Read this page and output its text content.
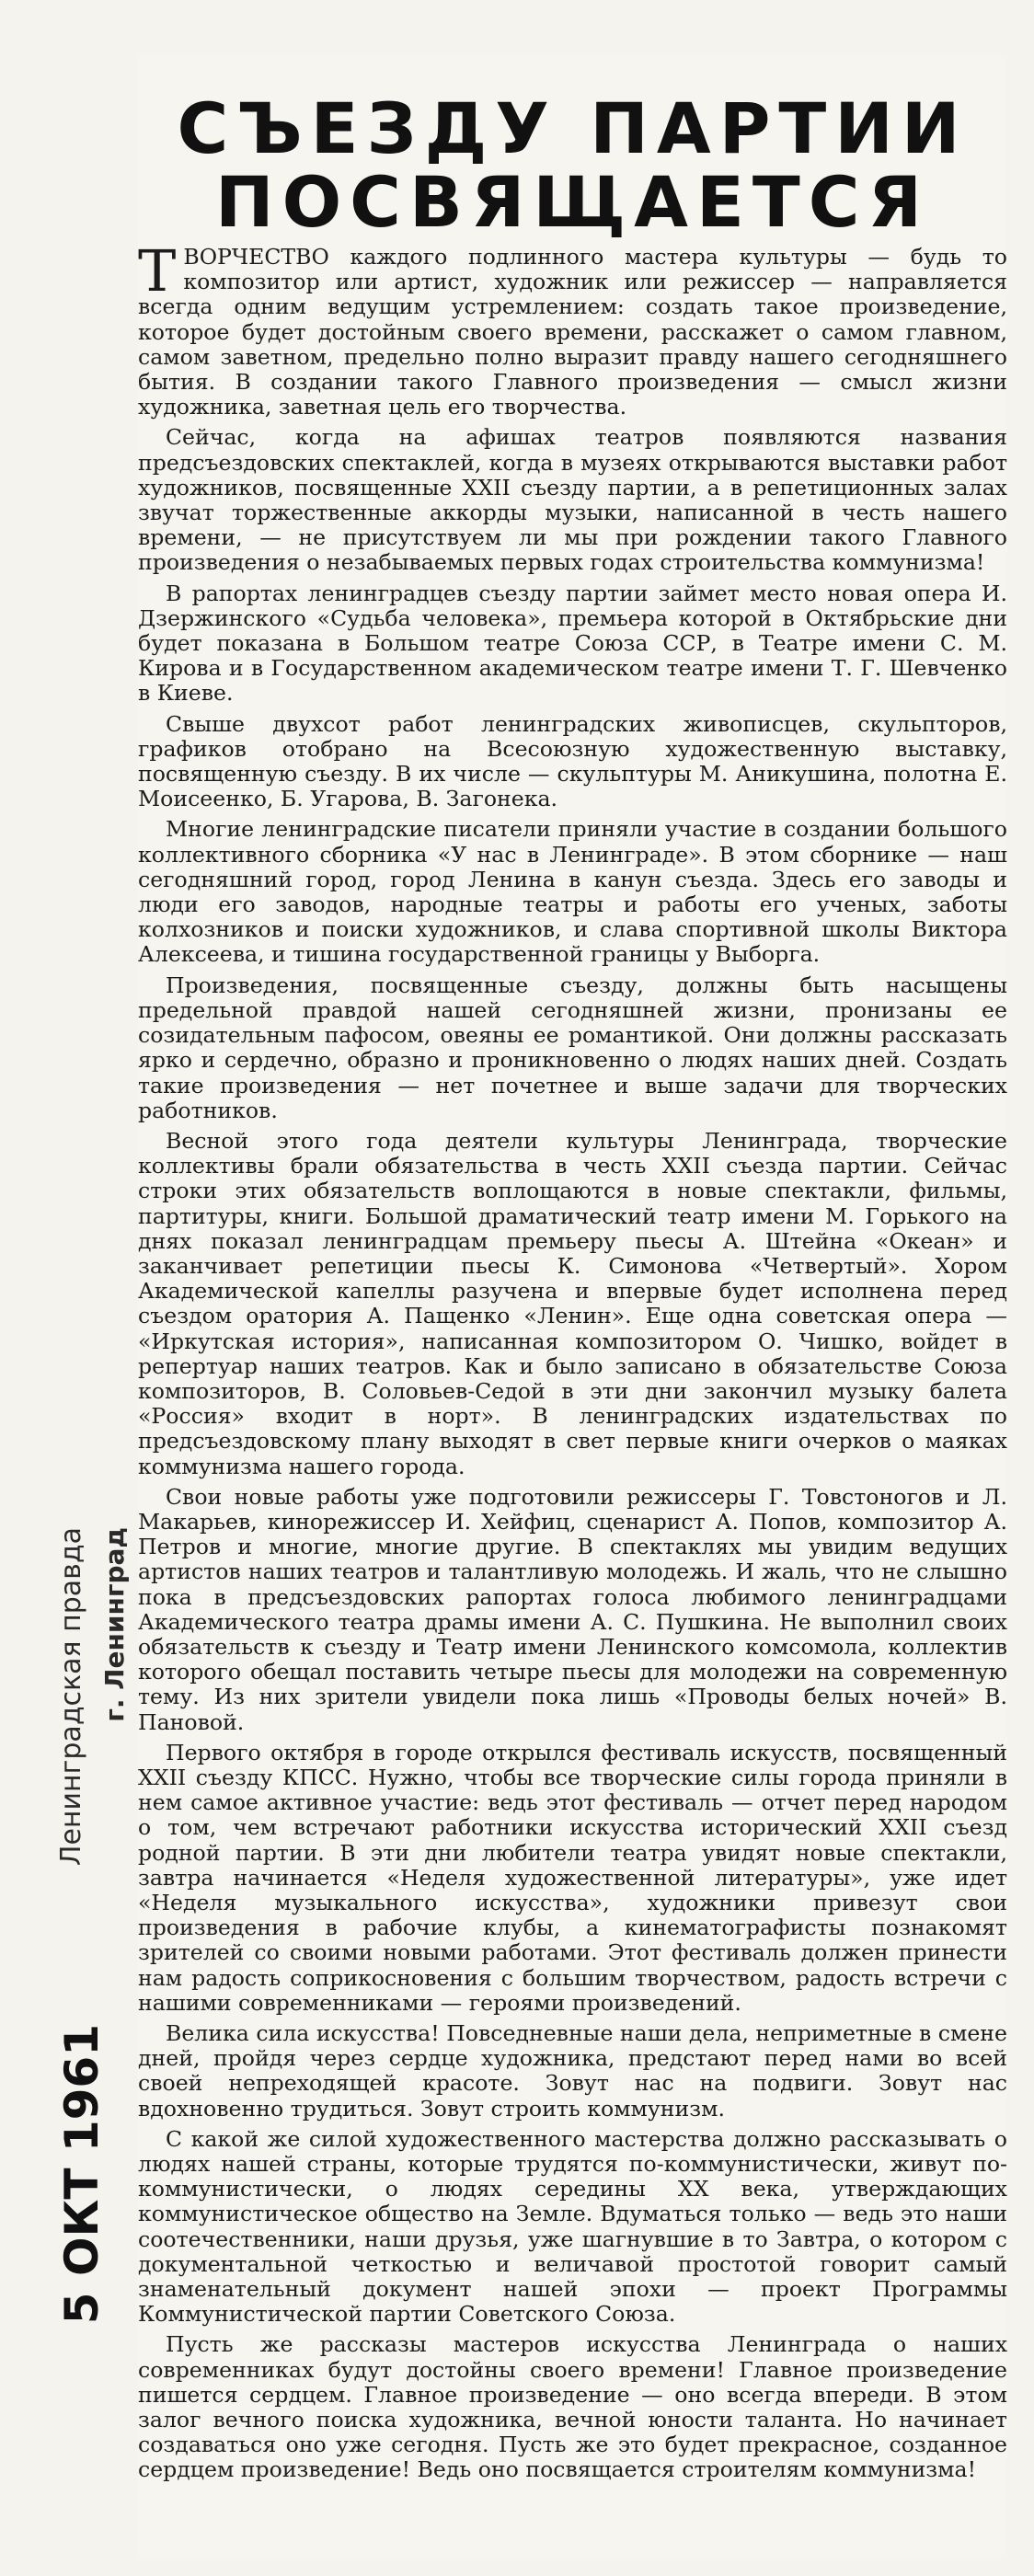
Ленинградская правда г. Ленинград
5 ОКТ 1961
СЪЕЗДУ ПАРТИИ
ПОСВЯЩАЕТСЯ

ТВОРЧЕСТВО каждого подлинного мастера культуры — будь то композитор или артист, художник или режиссер — направляется всегда одним ведущим устремлением: создать такое произведение, которое будет достойным своего времени, расскажет о самом главном, самом заветном, предельно полно выразит правду нашего сегодняшнего бытия. В создании такого Главного произведения — смысл жизни художника, заветная цель его творчества.

Сейчас, когда на афишах театров появляются названия предсъездовских спектаклей, когда в музеях открываются выставки работ художников, посвященные XXII съезду партии, а в репетиционных залах звучат торжественные аккорды музыки, написанной в честь нашего времени, — не присутствуем ли мы при рождении такого Главного произведения о незабываемых первых годах строительства коммунизма!

В рапортах ленинградцев съезду партии займет место новая опера И. Дзержинского «Судьба человека», премьера которой в Октябрьские дни будет показана в Большом театре Союза ССР, в Театре имени С. М. Кирова и в Государственном академическом театре имени Т. Г. Шевченко в Киеве.

Свыше двухсот работ ленинградских живописцев, скульпторов, графиков отобрано на Всесоюзную художественную выставку, посвященную съезду. В их числе — скульптуры М. Аникушина, полотна Е. Моисеенко, Б. Угарова, В. Загонека.

Многие ленинградские писатели приняли участие в создании большого коллективного сборника «У нас в Ленинграде». В этом сборнике — наш сегодняшний город, город Ленина в канун съезда. Здесь его заводы и люди его заводов, народные театры и работы его ученых, заботы колхозников и поиски художников, и слава спортивной школы Виктора Алексеева, и тишина государственной границы у Выборга.

Произведения, посвященные съезду, должны быть насыщены предельной правдой нашей сегодняшней жизни, пронизаны ее созидательным пафосом, овеяны ее романтикой. Они должны рассказать ярко и сердечно, образно и проникновенно о людях наших дней. Создать такие произведения — нет почетнее и выше задачи для творческих работников.

Весной этого года деятели культуры Ленинграда, творческие коллективы брали обязательства в честь XXII съезда партии. Сейчас строки этих обязательств воплощаются в новые спектакли, фильмы, партитуры, книги. Большой драматический театр имени М. Горького на днях показал ленинградцам премьеру пьесы А. Штейна «Океан» и заканчивает репетиции пьесы К. Симонова «Четвертый». Хором Академической капеллы разучена и впервые будет исполнена перед съездом оратория А. Пащенко «Ленин». Еще одна советская опера — «Иркутская история», написанная композитором О. Чишко, войдет в репертуар наших театров. Как и было записано в обязательстве Союза композиторов, В. Соловьев-Седой в эти дни закончил музыку балета «Россия» входит в норт». В ленинградских издательствах по предсъездовскому плану выходят в свет первые книги очерков о маяках коммунизма нашего города.

Свои новые работы уже подготовили режиссеры Г. Товстоногов и Л. Макарьев, кинорежиссер И. Хейфиц, сценарист А. Попов, композитор А. Петров и многие, многие другие. В спектаклях мы увидим ведущих артистов наших театров и талантливую молодежь. И жаль, что не слышно пока в предсъездовских рапортах голоса любимого ленинградцами Академического театра драмы имени А. С. Пушкина. Не выполнил своих обязательств к съезду и Театр имени Ленинского комсомола, коллектив которого обещал поставить четыре пьесы для молодежи на современную тему. Из них зрители увидели пока лишь «Проводы белых ночей» В. Пановой.

Первого октября в городе открылся фестиваль искусств, посвященный XXII съезду КПСС. Нужно, чтобы все творческие силы города приняли в нем самое активное участие: ведь этот фестиваль — отчет перед народом о том, чем встречают работники искусства исторический XXII съезд родной партии. В эти дни любители театра увидят новые спектакли, завтра начинается «Неделя художественной литературы», уже идет «Неделя музыкального искусства», художники привезут свои произведения в рабочие клубы, а кинематографисты познакомят зрителей со своими новыми работами. Этот фестиваль должен принести нам радость соприкосновения с большим творчеством, радость встречи с нашими современниками — героями произведений.

Велика сила искусства! Повседневные наши дела, неприметные в смене дней, пройдя через сердце художника, предстают перед нами во всей своей непреходящей красоте. Зовут нас на подвиги. Зовут нас вдохновенно трудиться. Зовут строить коммунизм.

С какой же силой художественного мастерства должно рассказывать о людях нашей страны, которые трудятся по-коммунистически, живут по-коммунистически, о людях середины XX века, утверждающих коммунистическое общество на Земле. Вдуматься только — ведь это наши соотечественники, наши друзья, уже шагнувшие в то Завтра, о котором с документальной четкостью и величавой простотой говорит самый знаменательный документ нашей эпохи — проект Программы Коммунистической партии Советского Союза.

Пусть же рассказы мастеров искусства Ленинграда о наших современниках будут достойны своего времени! Главное произведение пишется сердцем. Главное произведение — оно всегда впереди. В этом залог вечного поиска художника, вечной юности таланта. Но начинает создаваться оно уже сегодня. Пусть же это будет прекрасное, созданное сердцем произведение! Ведь оно посвящается строителям коммунизма!
